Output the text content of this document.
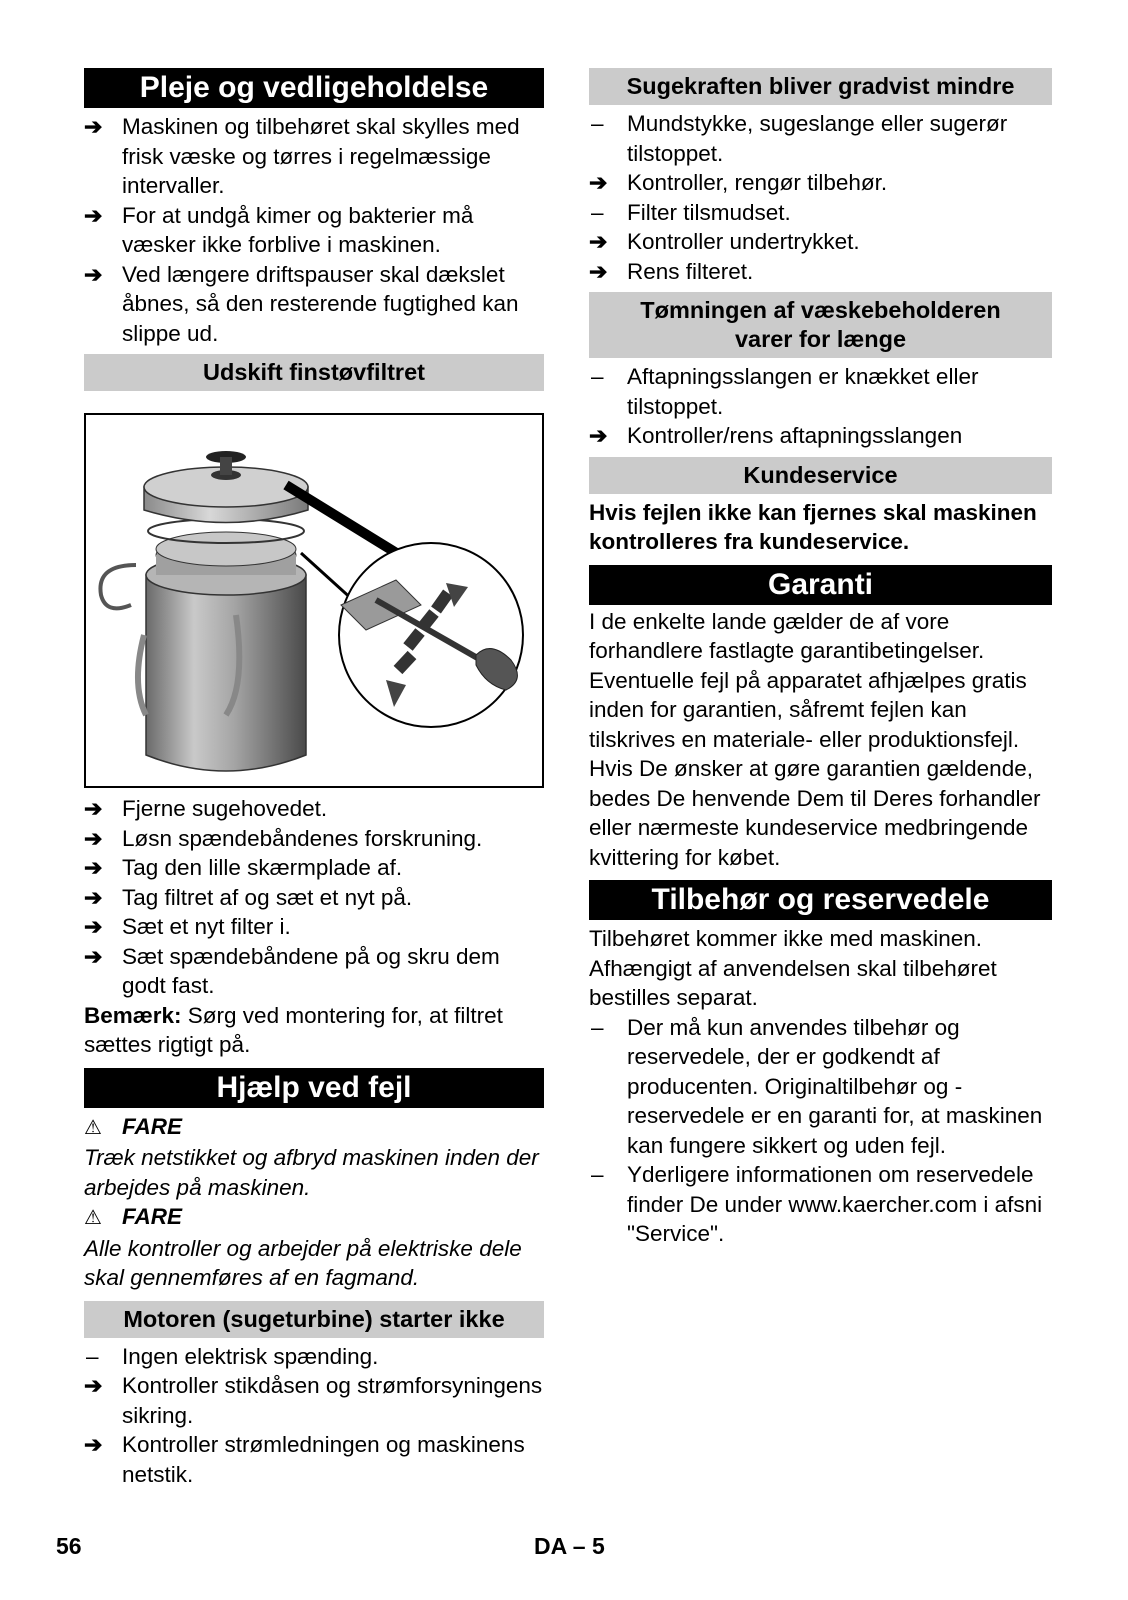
Pleje og vedligeholdelse
➔ Maskinen og tilbehøret skal skylles med frisk væske og tørres i regelmæssige intervaller.
➔ For at undgå kimer og bakterier må væsker ikke forblive i maskinen.
➔ Ved længere driftspauser skal dækslet åbnes, så den resterende fugtighed kan slippe ud.
Udskift finstøvfiltret
➔ Fjerne sugehovedet.
➔ Løsn spændebåndenes forskruning.
➔ Tag den lille skærmplade af.
➔ Tag filtret af og sæt et nyt på.
➔ Sæt et nyt filter i.
➔ Sæt spændebåndene på og skru dem godt fast.

Bemærk: Sørg ved montering for, at filtret sættes rigtigt på.

Hjælp ved fejl

⚠ FARE

Træk netstikket og afbryd maskinen inden der arbejdes på maskinen.

⚠ FARE

Alle kontroller og arbejder på elektriske dele skal gennemføres af en fagmand.

Motoren (sugeturbine) starter ikke
–	Ingen elektrisk spænding.
➔ Kontroller stikdåsen og strømforsyningens sikring.
➔ Kontroller strømledningen og maskinens netstik.
Sugekraften bliver gradvist mindre
–	Mundstykke, sugeslange eller sugerør tilstoppet.
➔ Kontroller, rengør tilbehør.
–	Filter tilsmudset.
➔ Kontroller undertrykket.
➔ Rens filteret.
Tømningen af væskebeholderen varer for længe
–	Aftapningsslangen er knækket eller tilstoppet.
➔ Kontroller/rens aftapningsslangen
Kundeservice

Hvis fejlen ikke kan fjernes skal maskinen kontrolleres fra kundeservice.

Garanti

I de enkelte lande gælder de af vore forhandlere fastlagte garantibetingelser. Eventuelle fejl på apparatet afhjælpes gratis inden for garantien, såfremt fejlen kan tilskrives en materiale- eller produktionsfejl. Hvis De ønsker at gøre garantien gældende, bedes De henvende Dem til Deres forhandler eller nærmeste kundeservice medbringende kvittering for købet.

Tilbehør og reservedele

Tilbehøret kommer ikke med maskinen. Afhængigt af anvendelsen skal tilbehøret bestilles separat.

–	Der må kun anvendes tilbehør og reservedele, der er godkendt af producenten. Originaltilbehør og -reservedele er en garanti for, at maskinen kan fungere sikkert og uden fejl.
–	Yderligere informationen om reservedele finder De under www.kaercher.com i afsni "Service".
56	DA – 5
